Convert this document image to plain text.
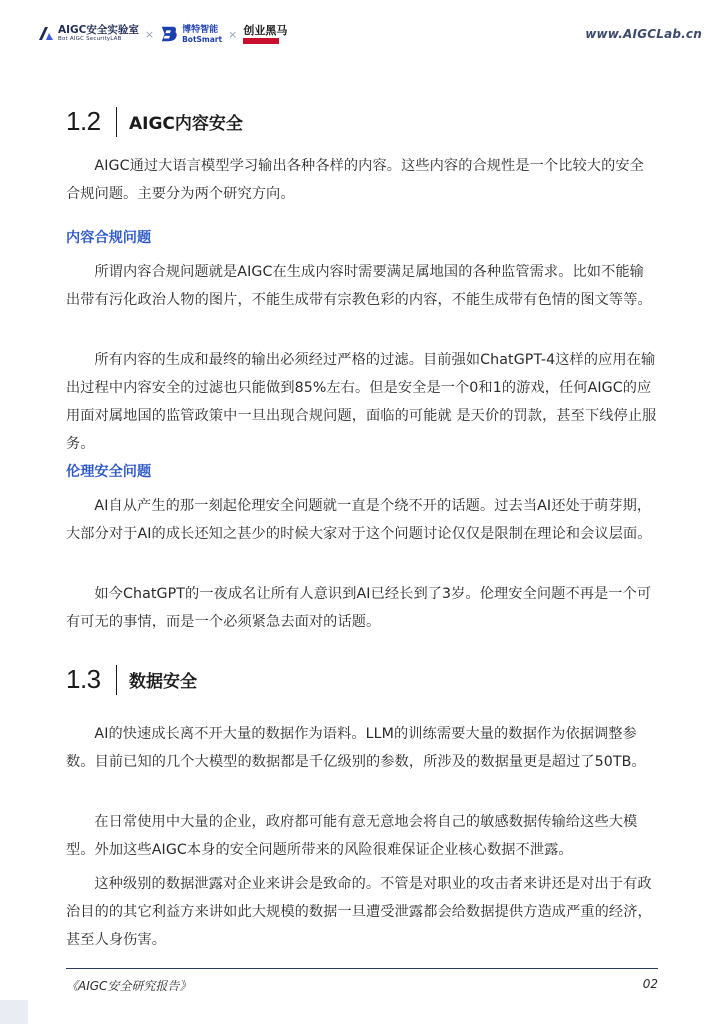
AIGC安全实验室
Bot AIGC SecurityLAB	×	博特智能
BotSmart × 创业黑马	www.AIGCLab.cn
1.2	AIGC内容安全

AIGC通过大语言模型学习输出各种各样的内容。这些内容的合规性是一个比较大的安全合规问题。主要分为两个研究方向。

内容合规问题

所谓内容合规问题就是AIGC在生成内容时需要满足属地国的各种监管需求。比如不能输出带有污化政治人物的图片，不能生成带有宗教色彩的内容，不能生成带有色情的图文等等。

所有内容的生成和最终的输出必须经过严格的过滤。目前强如ChatGPT-4这样的应用在输出过程中内容安全的过滤也只能做到85%左右。但是安全是一个0和1的游戏，任何AIGC的应用面对属地国的监管政策中一旦出现合规问题，面临的可能就 是天价的罚款，甚至下线停止服务。

伦理安全问题

AI自从产生的那一刻起伦理安全问题就一直是个绕不开的话题。过去当AI还处于萌芽期，大部分对于AI的成长还知之甚少的时候大家对于这个问题讨论仅仅是限制在理论和会议层面。

如今ChatGPT的一夜成名让所有人意识到AI已经长到了3岁。伦理安全问题不再是一个可有可无的事情，而是一个必须紧急去面对的话题。

1.3	数据安全

AI的快速成长离不开大量的数据作为语料。LLM的训练需要大量的数据作为依据调整参数。目前已知的几个大模型的数据都是千亿级别的参数，所涉及的数据量更是超过了50TB。

在日常使用中大量的企业，政府都可能有意无意地会将自己的敏感数据传输给这些大模型。外加这些AIGC本身的安全问题所带来的风险很难保证企业核心数据不泄露。

这种级别的数据泄露对企业来讲会是致命的。不管是对职业的攻击者来讲还是对出于有政治目的的其它利益方来讲如此大规模的数据一旦遭受泄露都会给数据提供方造成严重的经济，甚至人身伤害。

《AIGC安全研究报告》	02
